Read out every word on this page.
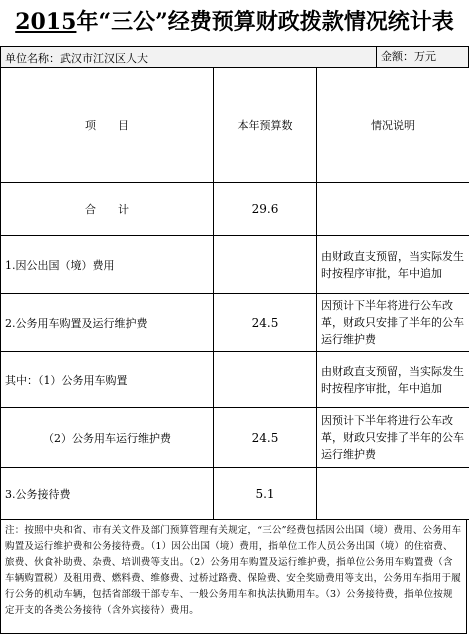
2015年“三公”经费预算财政拨款情况统计表
单位名称：武汉市江汉区人大	金额：万元
项　　目	本年预算数	情况说明
合　　计	29.6	
1.因公出国（境）费用		由财政直支预留，当实际发生时按程序审批，年中追加
2.公务用车购置及运行维护费	24.5	因预计下半年将进行公车改革，财政只安排了半年的公车运行维护费
其中：（1）公务用车购置		由财政直支预留，当实际发生时按程序审批，年中追加
（2）公务用车运行维护费	24.5	因预计下半年将进行公车改革，财政只安排了半年的公车运行维护费
3.公务接待费	5.1	
注：按照中央和省、市有关文件及部门预算管理有关规定，“三公”经费包括因公出国（境）费用、公务用车购置及运行维护费和公务接待费。（1）因公出国（境）费用，指单位工作人员公务出国（境）的住宿费、旅费、伙食补助费、杂费、培训费等支出。（2）公务用车购置及运行维护费，指单位公务用车购置费（含车辆购置税）及租用费、燃料费、维修费、过桥过路费、保险费、安全奖励费用等支出，公务用车指用于履行公务的机动车辆，包括省部级干部专车、一般公务用车和执法执勤用车。（3）公务接待费，指单位按规定开支的各类公务接待（含外宾接待）费用。
